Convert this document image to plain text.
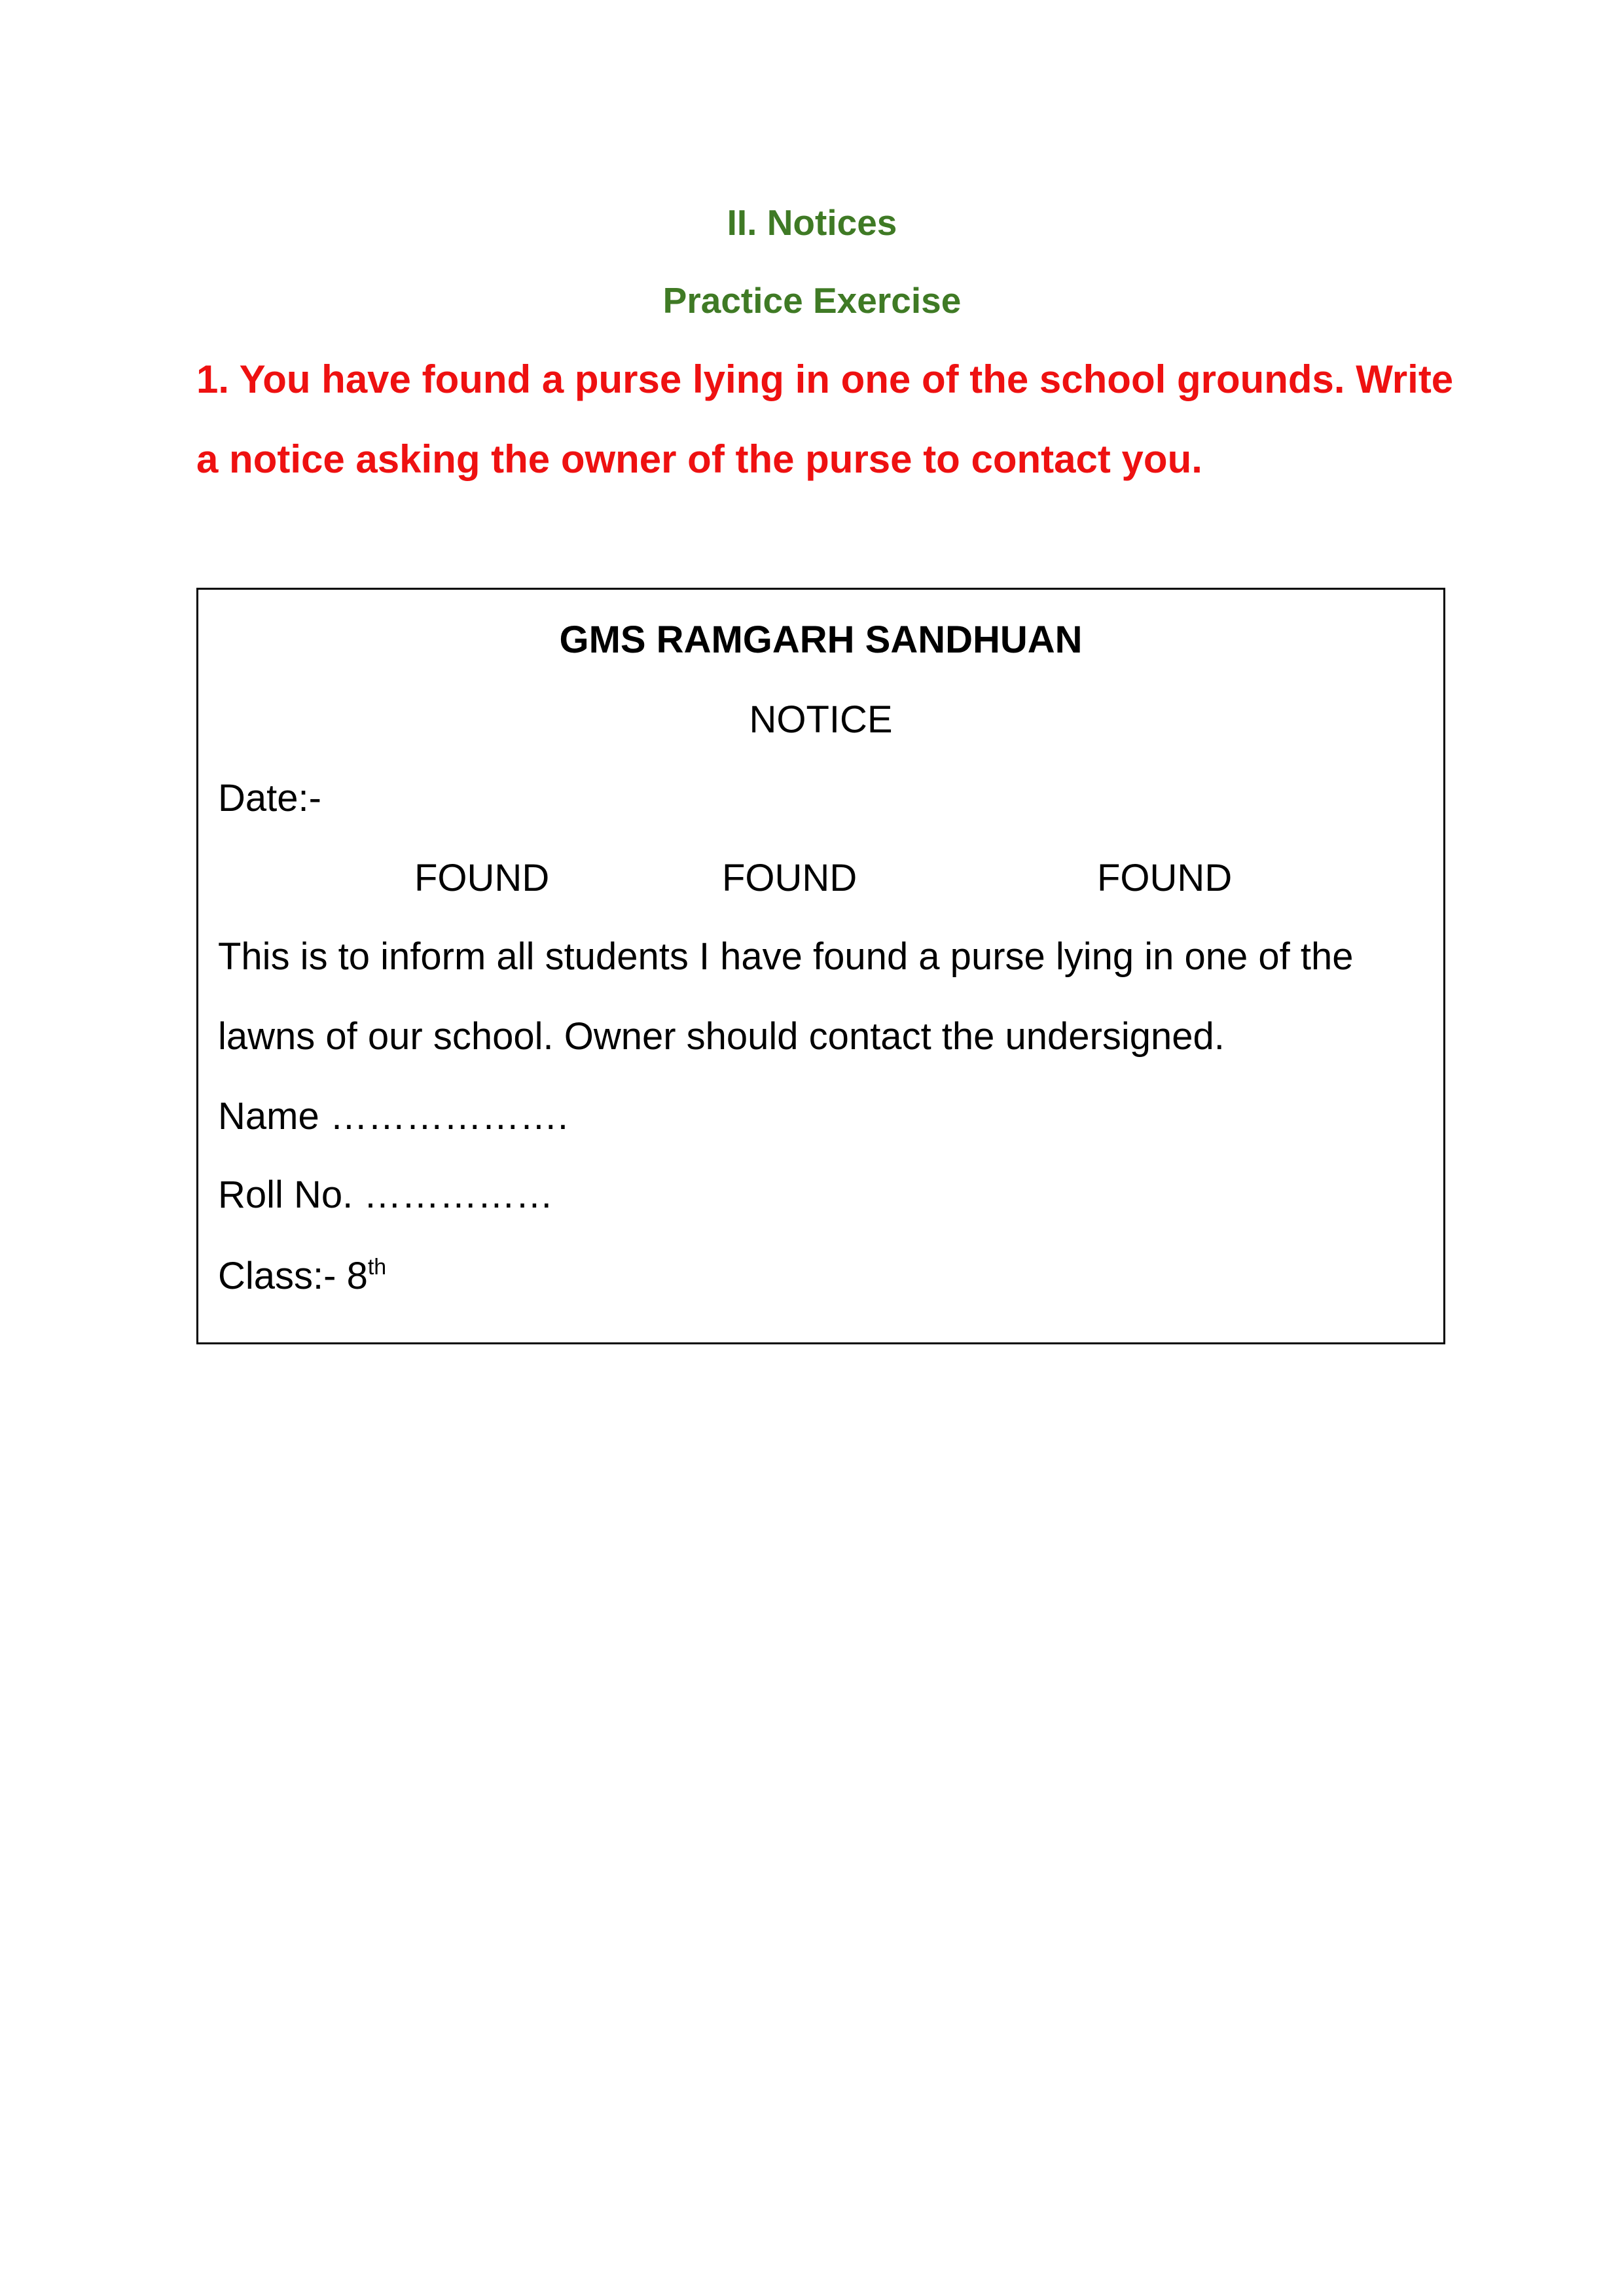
II. Notices
Practice Exercise
1. You have found a purse lying in one of the school grounds. Write
a notice asking the owner of the purse to contact you.
GMS RAMGARH SANDHUAN
NOTICE
Date:-
FOUND	FOUND	FOUND
This is to inform all students I have found a purse lying in one of the
lawns of our school. Owner should contact the undersigned.
Name ……………….
Roll No. ……………
Class:- 8th
